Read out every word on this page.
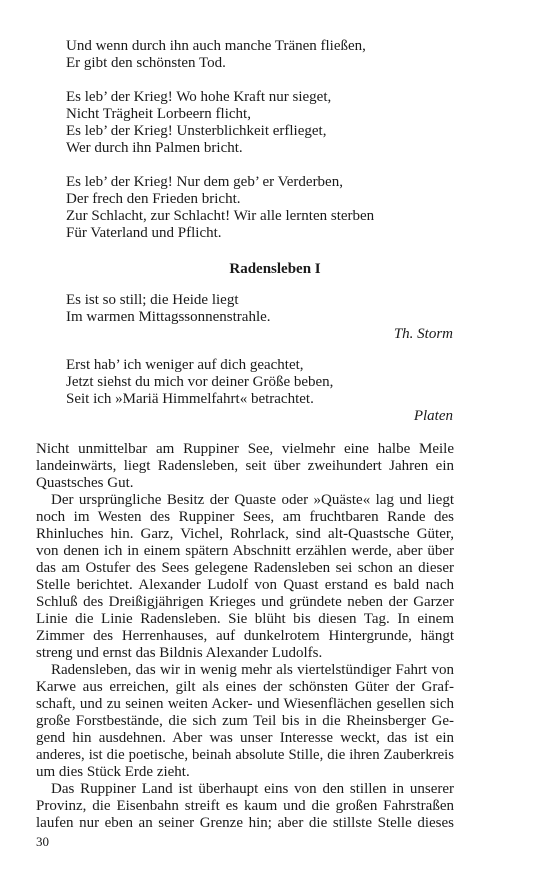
Und wenn durch ihn auch manche Tränen fließen,
Er gibt den schönsten Tod.
Es leb’ der Krieg! Wo hohe Kraft nur sieget,
Nicht Trägheit Lorbeern flicht,
Es leb’ der Krieg! Unsterblichkeit erflieget,
Wer durch ihn Palmen bricht.
Es leb’ der Krieg! Nur dem geb’ er Verderben,
Der frech den Frieden bricht.
Zur Schlacht, zur Schlacht! Wir alle lernten sterben
Für Vaterland und Pflicht.
Radensleben I
Es ist so still; die Heide liegt
Im warmen Mittagssonnenstrahle.
Th. Storm
Erst hab’ ich weniger auf dich geachtet,
Jetzt siehst du mich vor deiner Größe beben,
Seit ich »Mariä Himmelfahrt« betrachtet.
Platen
Nicht unmittelbar am Ruppiner See, vielmehr eine halbe Meile
landeinwärts, liegt Radensleben, seit über zweihundert Jahren ein
Quastsches Gut.
 Der ursprüngliche Besitz der Quaste oder »Quäste« lag und liegt
noch im Westen des Ruppiner Sees, am fruchtbaren Rande des
Rhinluches hin. Garz, Vichel, Rohrlack, sind alt-Quastsche Güter,
von denen ich in einem spätern Abschnitt erzählen werde, aber über
das am Ostufer des Sees gelegene Radensleben sei schon an dieser
Stelle berichtet. Alexander Ludolf von Quast erstand es bald nach
Schluß des Dreißigjährigen Krieges und gründete neben der Garzer
Linie die Linie Radensleben. Sie blüht bis diesen Tag. In einem
Zimmer des Herrenhauses, auf dunkelrotem Hintergrunde, hängt
streng und ernst das Bildnis Alexander Ludolfs.
 Radensleben, das wir in wenig mehr als viertelstündiger Fahrt von
Karwe aus erreichen, gilt als eines der schönsten Güter der Graf-
schaft, und zu seinen weiten Acker- und Wiesenflächen gesellen sich
große Forstbestände, die sich zum Teil bis in die Rheinsberger Ge-
gend hin ausdehnen. Aber was unser Interesse weckt, das ist ein
anderes, ist die poetische, beinah absolute Stille, die ihren Zauberkreis
um dies Stück Erde zieht.
 Das Ruppiner Land ist überhaupt eins von den stillen in unserer
Provinz, die Eisenbahn streift es kaum und die großen Fahrstraßen
laufen nur eben an seiner Grenze hin; aber die stillste Stelle dieses
30
